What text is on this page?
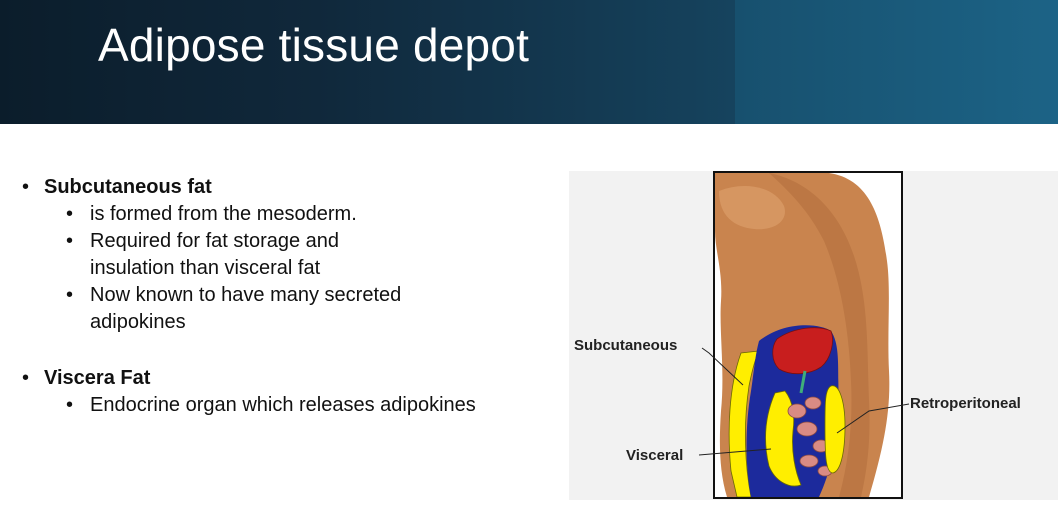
Adipose tissue depot
• Subcutaneous fat
• is formed from the mesoderm.
• Required for fat storage and insulation than visceral fat
• Now known to have many secreted adipokines
• Viscera Fat
• Endocrine organ which releases adipokines
Subcutaneous
Visceral
Retroperitoneal
